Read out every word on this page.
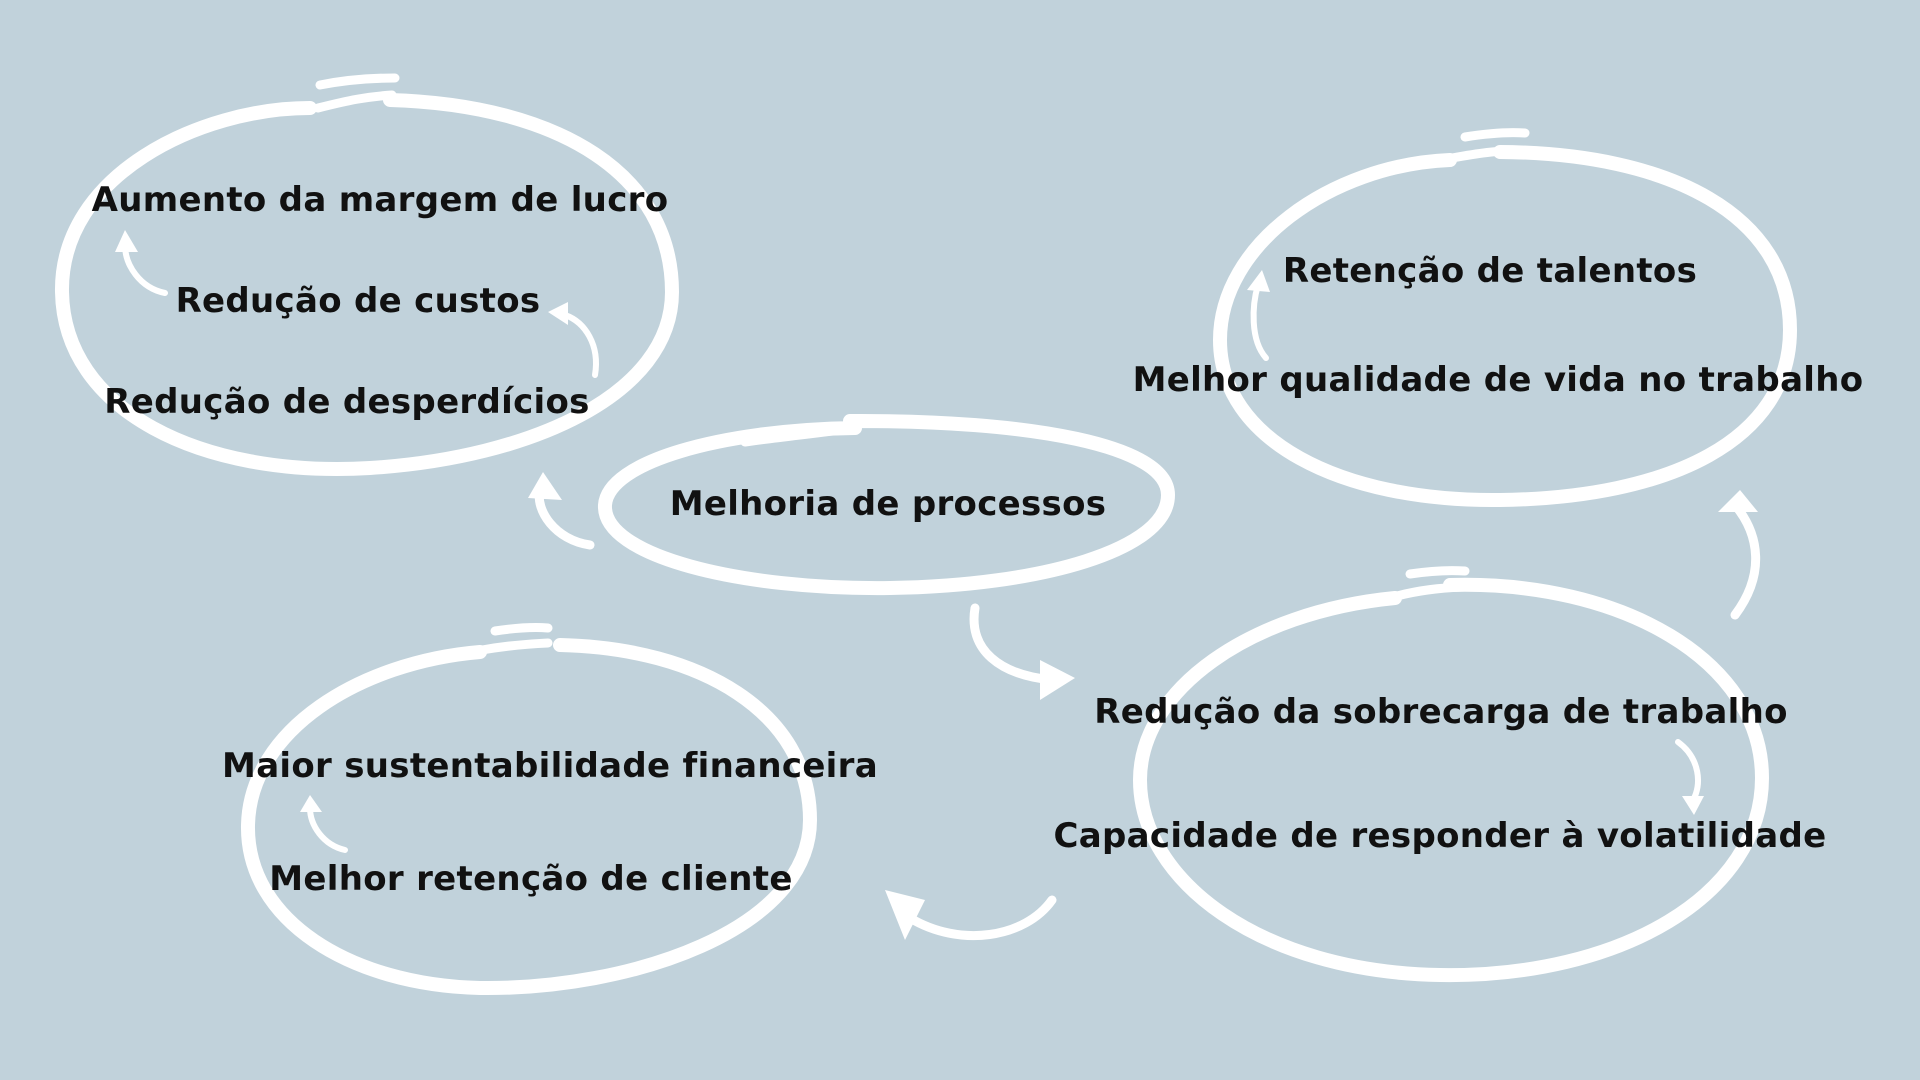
Melhoria de processos
Aumento da margem de lucro
Redução de custos
Redução de desperdícios
Retenção de talentos
Melhor qualidade de vida no trabalho
Redução da sobrecarga de trabalho
Capacidade de responder à volatilidade
Maior sustentabilidade financeira
Melhor retenção de cliente
